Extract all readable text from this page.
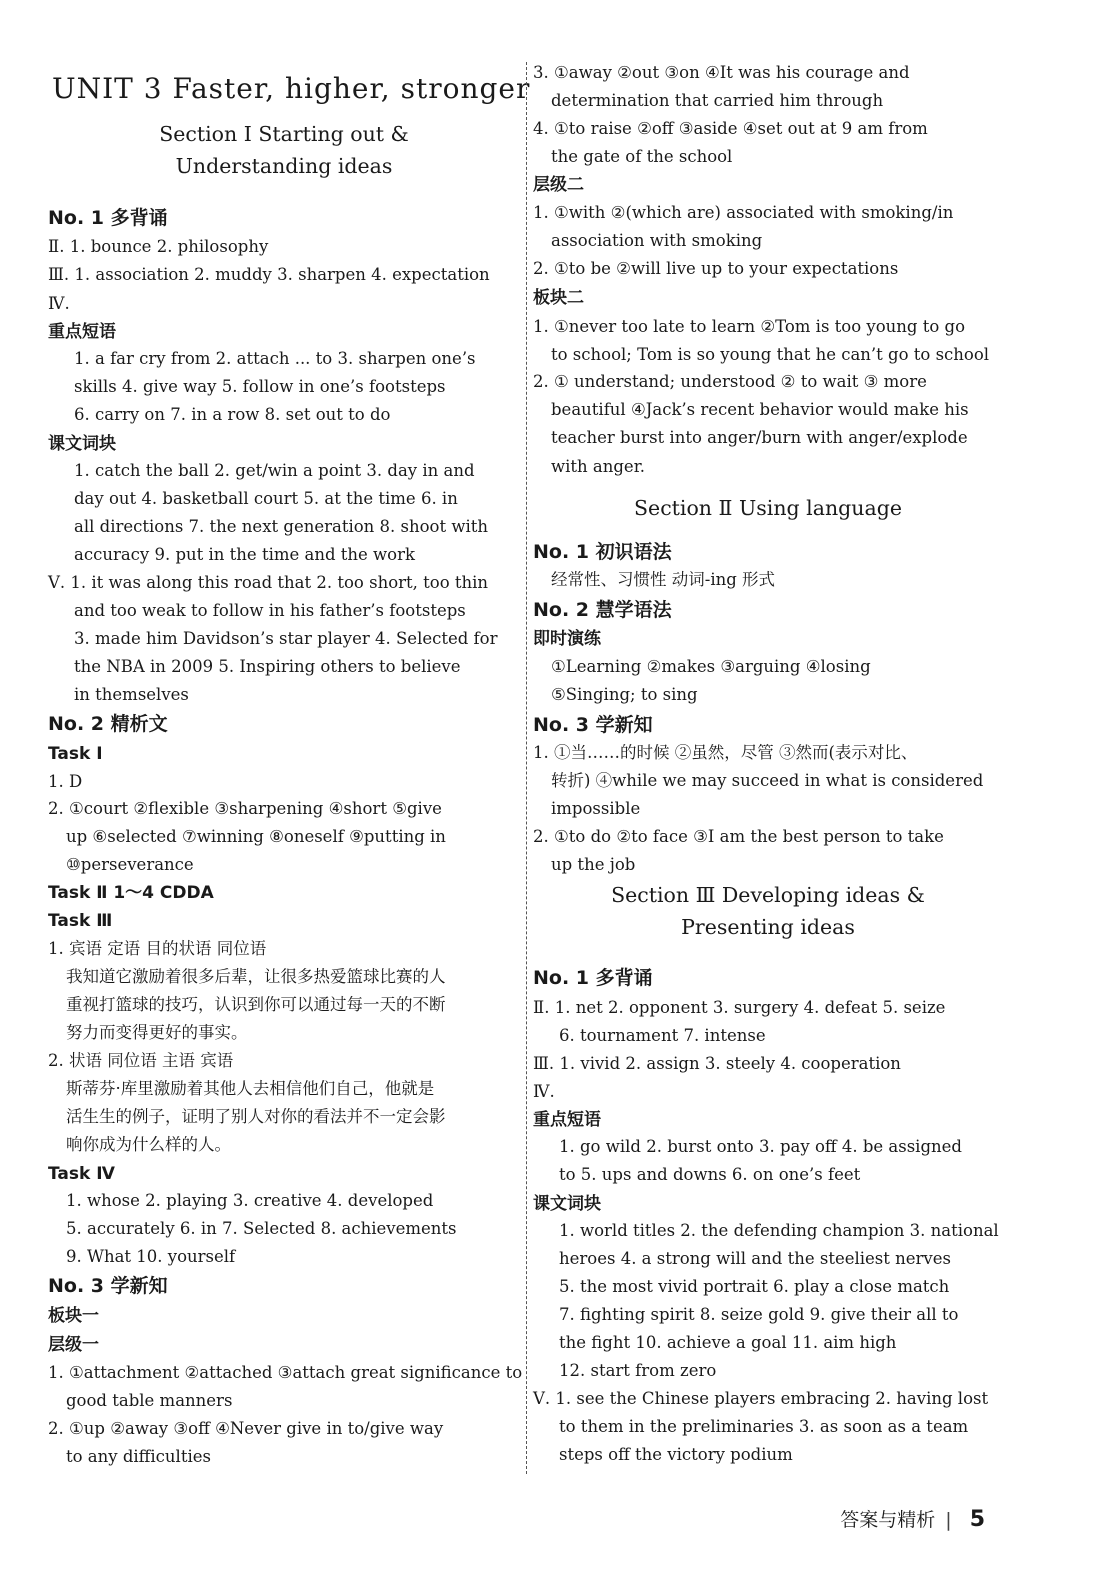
UNIT 3 Faster, higher, stronger
Section Ⅰ Starting out &
Understanding ideas
No. 1 多背诵
Ⅱ. 1. bounce 2. philosophy
Ⅲ. 1. association 2. muddy 3. sharpen 4. expectation
Ⅳ.
重点短语
1. a far cry from 2. attach ... to 3. sharpen one’s
skills 4. give way 5. follow in one’s footsteps
6. carry on 7. in a row 8. set out to do
课文词块
1. catch the ball 2. get/win a point 3. day in and
day out 4. basketball court 5. at the time 6. in
all directions 7. the next generation 8. shoot with
accuracy 9. put in the time and the work
Ⅴ. 1. it was along this road that 2. too short, too thin
and too weak to follow in his father’s footsteps
3. made him Davidson’s star player 4. Selected for
the NBA in 2009 5. Inspiring others to believe
in themselves
No. 2 精析文
Task Ⅰ
1. D
2. ①court ②flexible ③sharpening ④short ⑤give
up ⑥selected ⑦winning ⑧oneself ⑨putting in
⑩perseverance
Task Ⅱ 1～4 CDDA
Task Ⅲ
1. 宾语 定语 目的状语 同位语
我知道它激励着很多后辈，让很多热爱篮球比赛的人
重视打篮球的技巧，认识到你可以通过每一天的不断
努力而变得更好的事实。
2. 状语 同位语 主语 宾语
斯蒂芬·库里激励着其他人去相信他们自己，他就是
活生生的例子，证明了别人对你的看法并不一定会影
响你成为什么样的人。
Task Ⅳ
1. whose 2. playing 3. creative 4. developed
5. accurately 6. in 7. Selected 8. achievements
9. What 10. yourself
No. 3 学新知
板块一
层级一
1. ①attachment ②attached ③attach great significance to
good table manners
2. ①up ②away ③off ④Never give in to/give way
to any difficulties
3. ①away ②out ③on ④It was his courage and
determination that carried him through
4. ①to raise ②off ③aside ④set out at 9 am from
the gate of the school
层级二
1. ①with ②(which are) associated with smoking/in
association with smoking
2. ①to be ②will live up to your expectations
板块二
1. ①never too late to learn ②Tom is too young to go
to school; Tom is so young that he can’t go to school
2. ① understand; understood ② to wait ③ more
beautiful ④Jack’s recent behavior would make his
teacher burst into anger/burn with anger/explode
with anger.
Section Ⅱ Using language
No. 1 初识语法
经常性、习惯性 动词-ing 形式
No. 2 慧学语法
即时演练
①Learning ②makes ③arguing ④losing
⑤Singing; to sing
No. 3 学新知
1. ①当……的时候 ②虽然，尽管 ③然而(表示对比、
转折) ④while we may succeed in what is considered
impossible
2. ①to do ②to face ③I am the best person to take
up the job
Section Ⅲ Developing ideas &
Presenting ideas
No. 1 多背诵
Ⅱ. 1. net 2. opponent 3. surgery 4. defeat 5. seize
6. tournament 7. intense
Ⅲ. 1. vivid 2. assign 3. steely 4. cooperation
Ⅳ.
重点短语
1. go wild 2. burst onto 3. pay off 4. be assigned
to 5. ups and downs 6. on one’s feet
课文词块
1. world titles 2. the defending champion 3. national
heroes 4. a strong will and the steeliest nerves
5. the most vivid portrait 6. play a close match
7. fighting spirit 8. seize gold 9. give their all to
the fight 10. achieve a goal 11. aim high
12. start from zero
Ⅴ. 1. see the Chinese players embracing 2. having lost
to them in the preliminaries 3. as soon as a team
steps off the victory podium
答案与精析 | 5
